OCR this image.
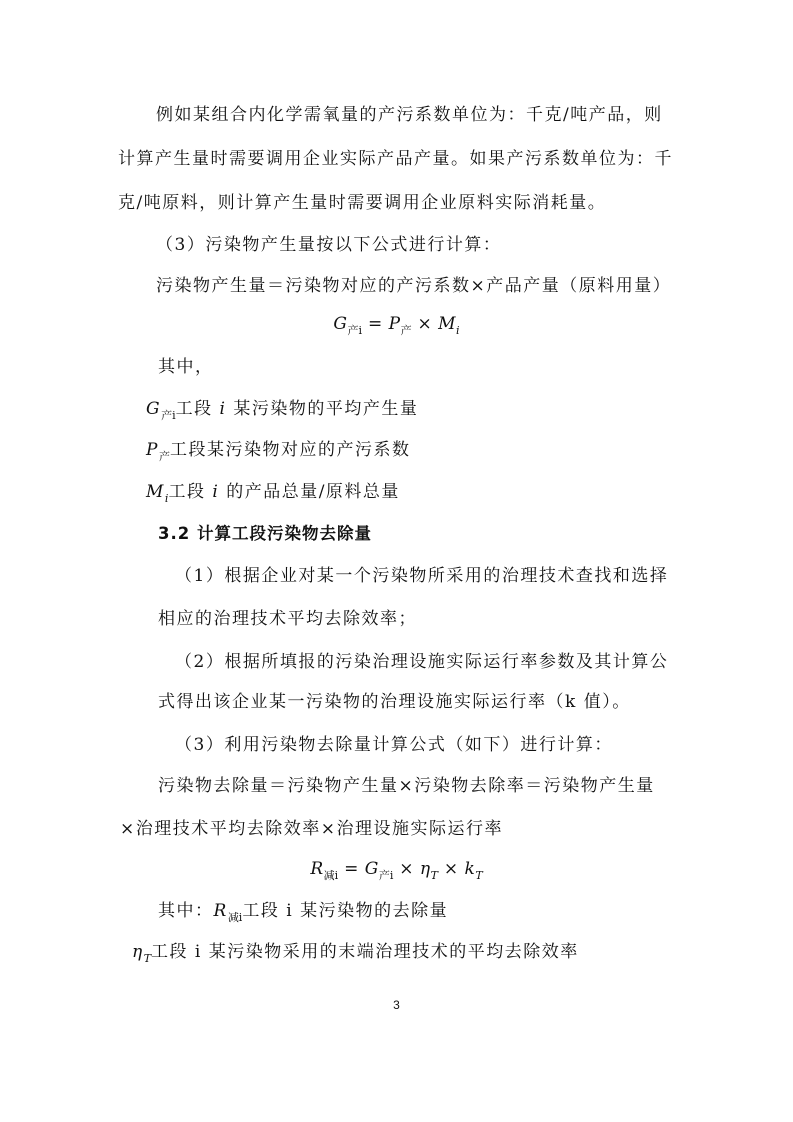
例如某组合内化学需氧量的产污系数单位为：千克/吨产品，则
计算产生量时需要调用企业实际产品产量。如果产污系数单位为：千
克/吨原料，则计算产生量时需要调用企业原料实际消耗量。
（3）污染物产生量按以下公式进行计算：
污染物产生量＝污染物对应的产污系数×产品产量（原料用量）
$G_{产i} = P_产 \times M_i$
其中，
$G_{产i}$工段 i 某污染物的平均产生量
$P_产$工段某污染物对应的产污系数
$M_i$工段 i 的产品总量/原料总量
3.2 计算工段污染物去除量
（1）根据企业对某一个污染物所采用的治理技术查找和选择
相应的治理技术平均去除效率；
（2）根据所填报的污染治理设施实际运行率参数及其计算公
式得出该企业某一污染物的治理设施实际运行率（k 值）。
（3）利用污染物去除量计算公式（如下）进行计算：
污染物去除量＝污染物产生量×污染物去除率＝污染物产生量
×治理技术平均去除效率×治理设施实际运行率
$R_{减i} = G_{产i} \times \eta_T \times k_T$
其中：$R_{减i}$工段 i 某污染物的去除量
$\eta_T$工段 i 某污染物采用的末端治理技术的平均去除效率
3
